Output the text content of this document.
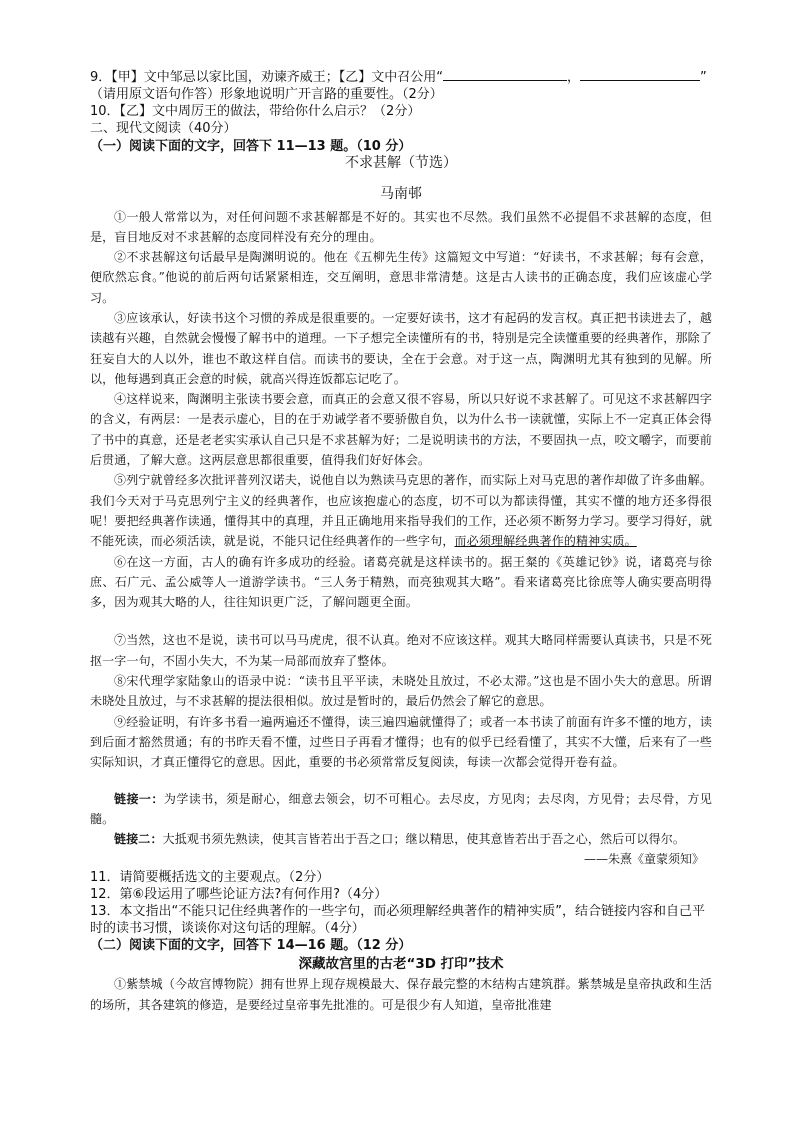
9．【甲】文中邹忌以家比国，劝谏齐威王；【乙】文中召公用“	，	”

（请用原文语句作答）形象地说明广开言路的重要性。（2分）

10．【乙】文中周厉王的做法，带给你什么启示？（2分）

二、现代文阅读（40分）

（一）阅读下面的文字，回答下 11—13 题。（10 分）

不求甚解（节选）

马南邨

①一般人常常以为，对任何问题不求甚解都是不好的。其实也不尽然。我们虽然不必提倡不求甚解的态度，但是，盲目地反对不求甚解的态度同样没有充分的理由。

②不求甚解这句话最早是陶渊明说的。他在《五柳先生传》这篇短文中写道：“好读书，不求甚解；每有会意，便欣然忘食。”他说的前后两句话紧紧相连，交互阐明，意思非常清楚。这是古人读书的正确态度，我们应该虚心学习。

③应该承认，好读书这个习惯的养成是很重要的。一定要好读书，这才有起码的发言权。真正把书读进去了，越读越有兴趣，自然就会慢慢了解书中的道理。一下子想完全读懂所有的书，特别是完全读懂重要的经典著作，那除了狂妄自大的人以外，谁也不敢这样自信。而读书的要诀，全在于会意。对于这一点，陶渊明尤其有独到的见解。所以，他每遇到真正会意的时候，就高兴得连饭都忘记吃了。

④这样说来，陶渊明主张读书要会意，而真正的会意又很不容易，所以只好说不求甚解了。可见这不求甚解四字的含义，有两层：一是表示虚心，目的在于劝诫学者不要骄傲自负，以为什么书一读就懂，实际上不一定真正体会得了书中的真意，还是老老实实承认自己只是不求甚解为好；二是说明读书的方法，不要固执一点，咬文嚼字，而要前后贯通，了解大意。这两层意思都很重要，值得我们好好体会。

⑤列宁就曾经多次批评普列汉诺夫，说他自以为熟读马克思的著作，而实际上对马克思的著作却做了许多曲解。我们今天对于马克思列宁主义的经典著作，也应该抱虚心的态度，切不可以为都读得懂，其实不懂的地方还多得很呢！要把经典著作读通，懂得其中的真理，并且正确地用来指导我们的工作，还必须不断努力学习。要学习得好，就不能死读，而必须活读，就是说，不能只记住经典著作的一些字句，而必须理解经典著作的精神实质。

⑥在这一方面，古人的确有许多成功的经验。诸葛亮就是这样读书的。据王粲的《英雄记钞》说，诸葛亮与徐庶、石广元、孟公威等人一道游学读书。“三人务于精熟，而亮独观其大略”。看来诸葛亮比徐庶等人确实要高明得多，因为观其大略的人，往往知识更广泛，了解问题更全面。

⑦当然，这也不是说，读书可以马马虎虎，很不认真。绝对不应该这样。观其大略同样需要认真读书，只是不死抠一字一句，不固小失大，不为某一局部而放弃了整体。

⑧宋代理学家陆象山的语录中说：“读书且平平读，未晓处且放过，不必太滞。”这也是不固小失大的意思。所谓未晓处且放过，与不求甚解的提法很相似。放过是暂时的，最后仍然会了解它的意思。

⑨经验证明，有许多书看一遍两遍还不懂得，读三遍四遍就懂得了；或者一本书读了前面有许多不懂的地方，读到后面才豁然贯通；有的书昨天看不懂，过些日子再看才懂得；也有的似乎已经看懂了，其实不大懂，后来有了一些实际知识，才真正懂得它的意思。因此，重要的书必须常常反复阅读，每读一次都会觉得开卷有益。

链接一：为学读书，须是耐心，细意去领会，切不可粗心。去尽皮，方见肉；去尽肉，方见骨；去尽骨，方见髓。

链接二：大抵观书须先熟读，使其言皆若出于吾之口；继以精思，使其意皆若出于吾之心，然后可以得尔。

——朱熹《童蒙须知》

11．请简要概括选文的主要观点。（2分）

12．第⑥段运用了哪些论证方法?有何作用?（4分）

13．本文指出“不能只记住经典著作的一些字句，而必须理解经典著作的精神实质”，结合链接内容和自己平时的读书习惯，谈谈你对这句话的理解。（4分）

（二）阅读下面的文字，回答下 14—16 题。（12 分）

深藏故宫里的古老“3D 打印”技术

①紫禁城（今故宫博物院）拥有世界上现存规模最大、保存最完整的木结构古建筑群。紫禁城是皇帝执政和生活的场所，其各建筑的修造，是要经过皇帝事先批准的。可是很少有人知道，皇帝批准建
